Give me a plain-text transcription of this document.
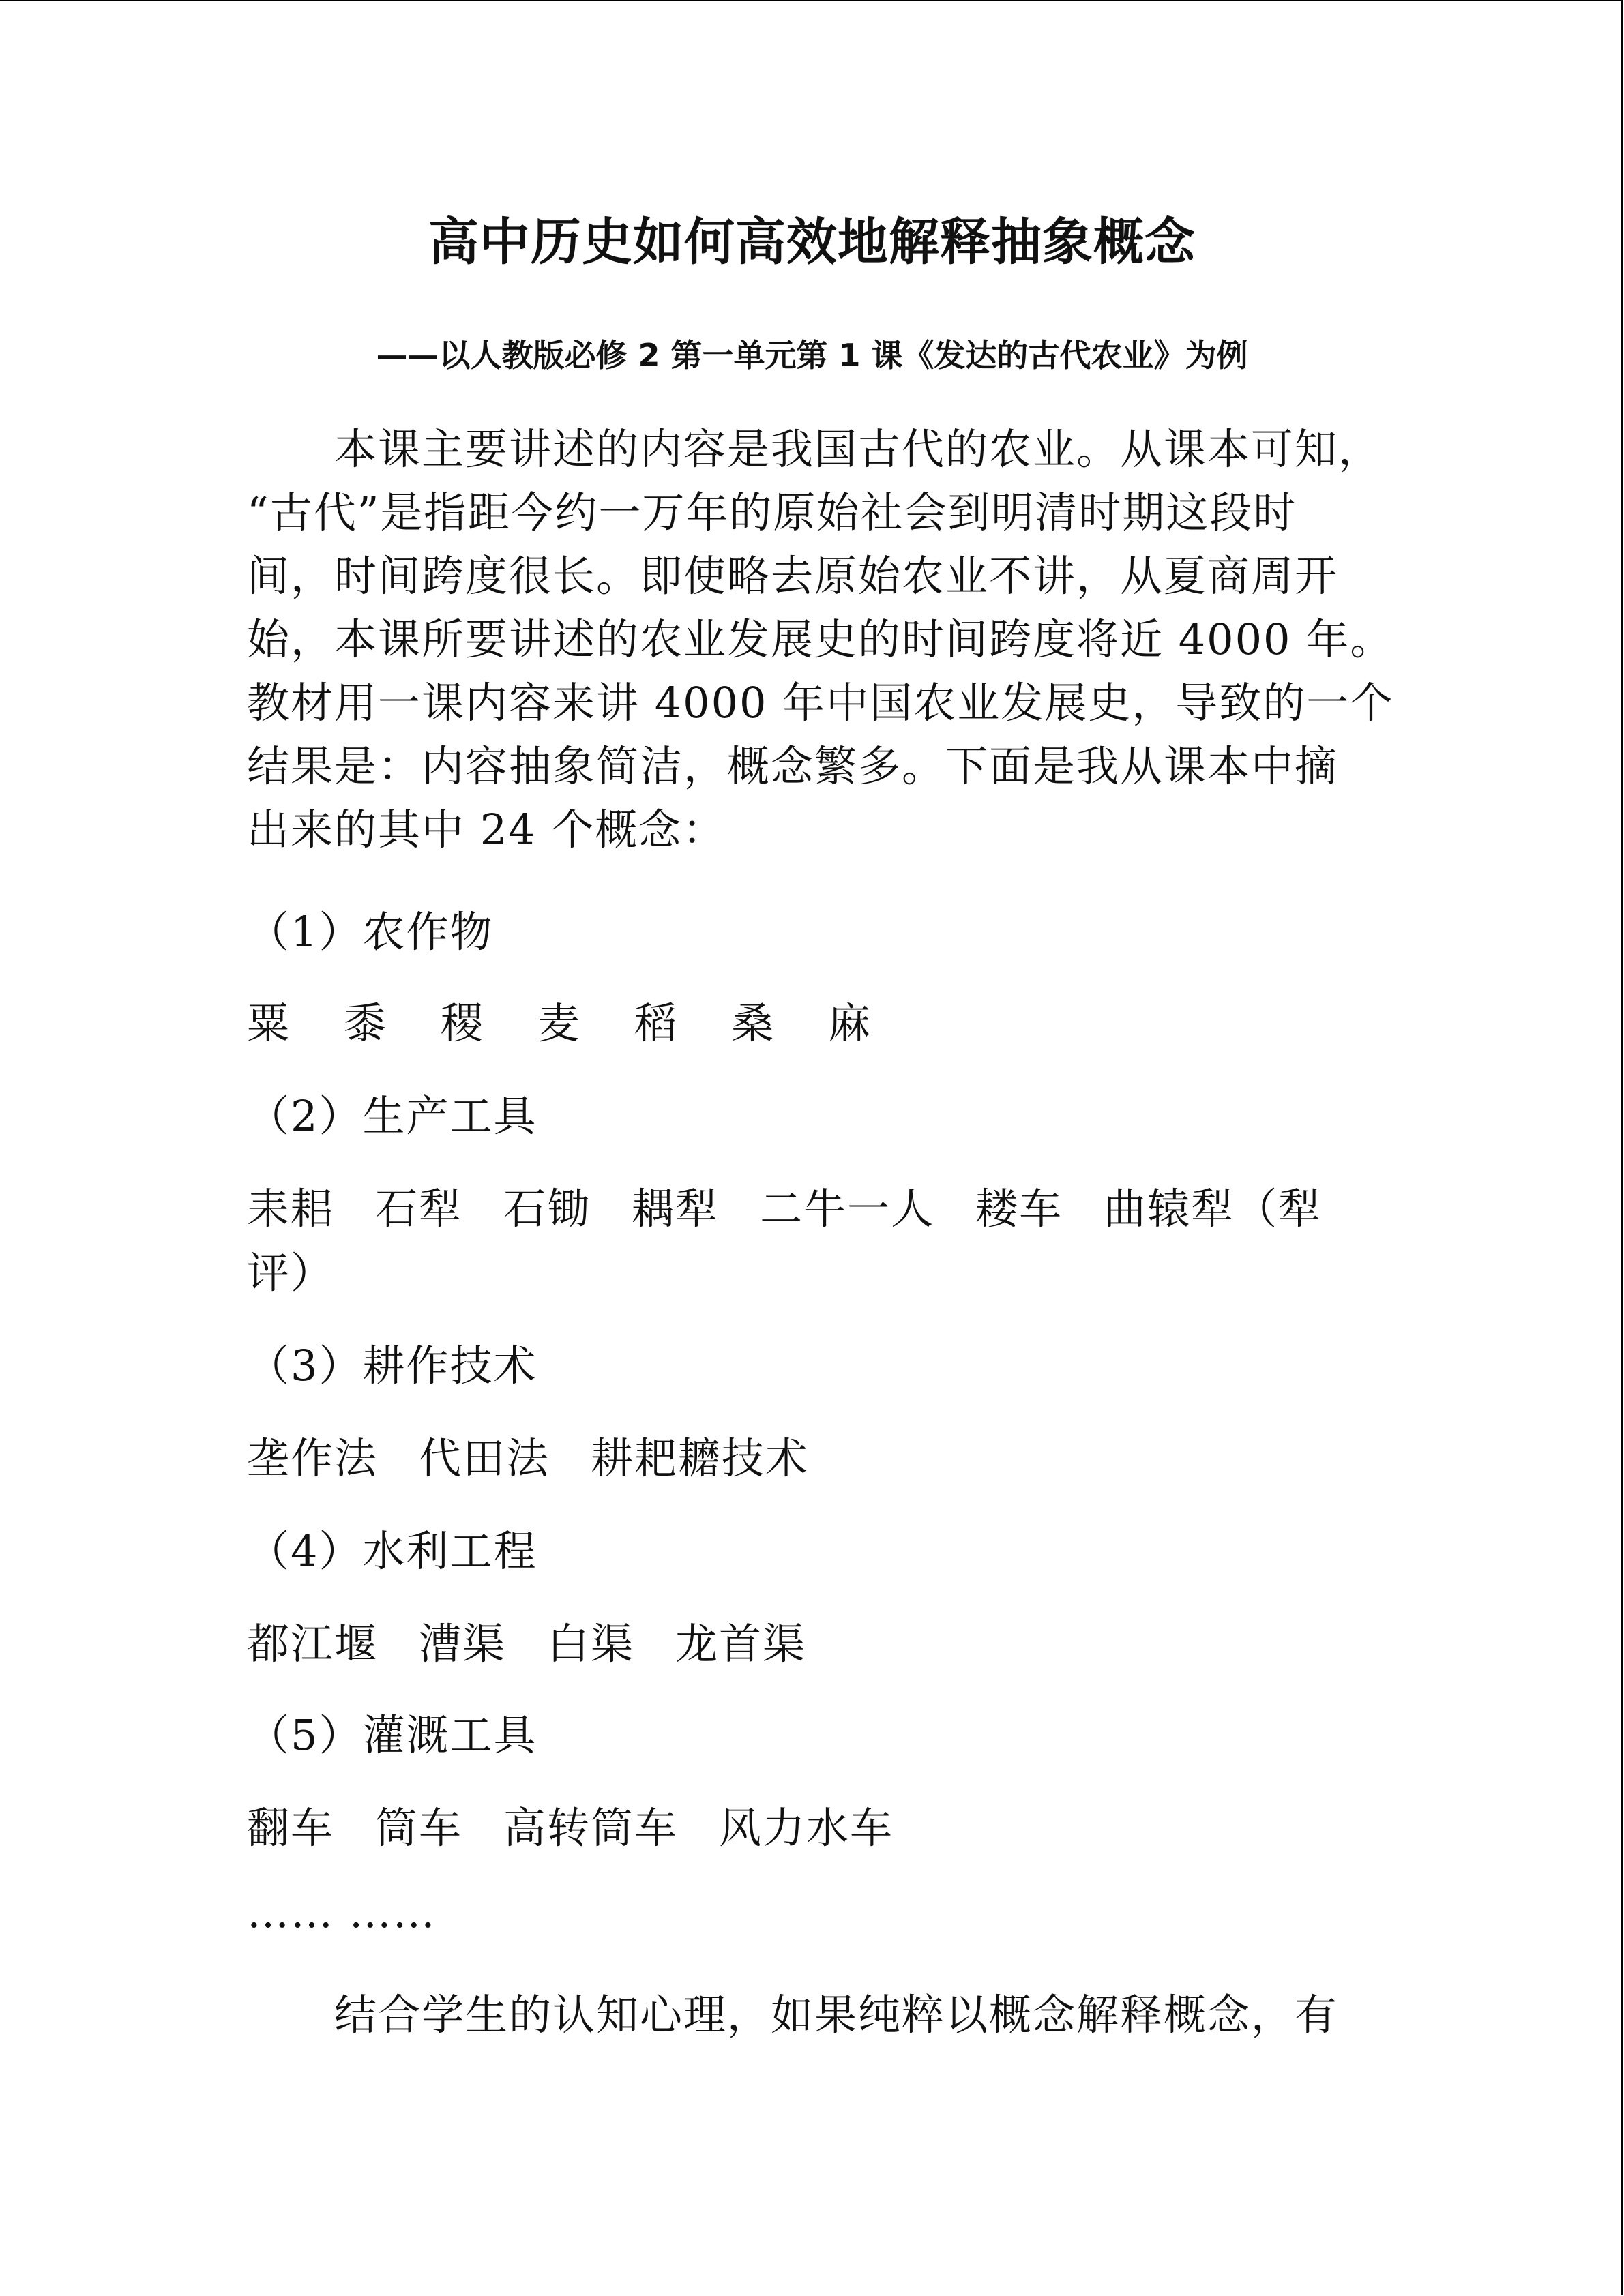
高中历史如何高效地解释抽象概念
——以人教版必修 2 第一单元第 1 课《发达的古代农业》为例
本课主要讲述的内容是我国古代的农业。从课本可知，
“古代”是指距今约一万年的原始社会到明清时期这段时
间，时间跨度很长。即使略去原始农业不讲，从夏商周开
始，本课所要讲述的农业发展史的时间跨度将近 4000 年。
教材用一课内容来讲 4000 年中国农业发展史，导致的一个
结果是：内容抽象简洁，概念繁多。下面是我从课本中摘
出来的其中 24 个概念：
（1）农作物
粟 黍 稷 麦 稻 桑 麻
（2）生产工具
耒耜 石犁 石锄 耦犁 二牛一人 耧车 曲辕犁（犁
评）
（3）耕作技术
垄作法 代田法 耕耙耱技术
（4）水利工程
都江堰 漕渠 白渠 龙首渠
（5）灌溉工具
翻车 筒车 高转筒车 风力水车
…… ……
结合学生的认知心理，如果纯粹以概念解释概念，有
